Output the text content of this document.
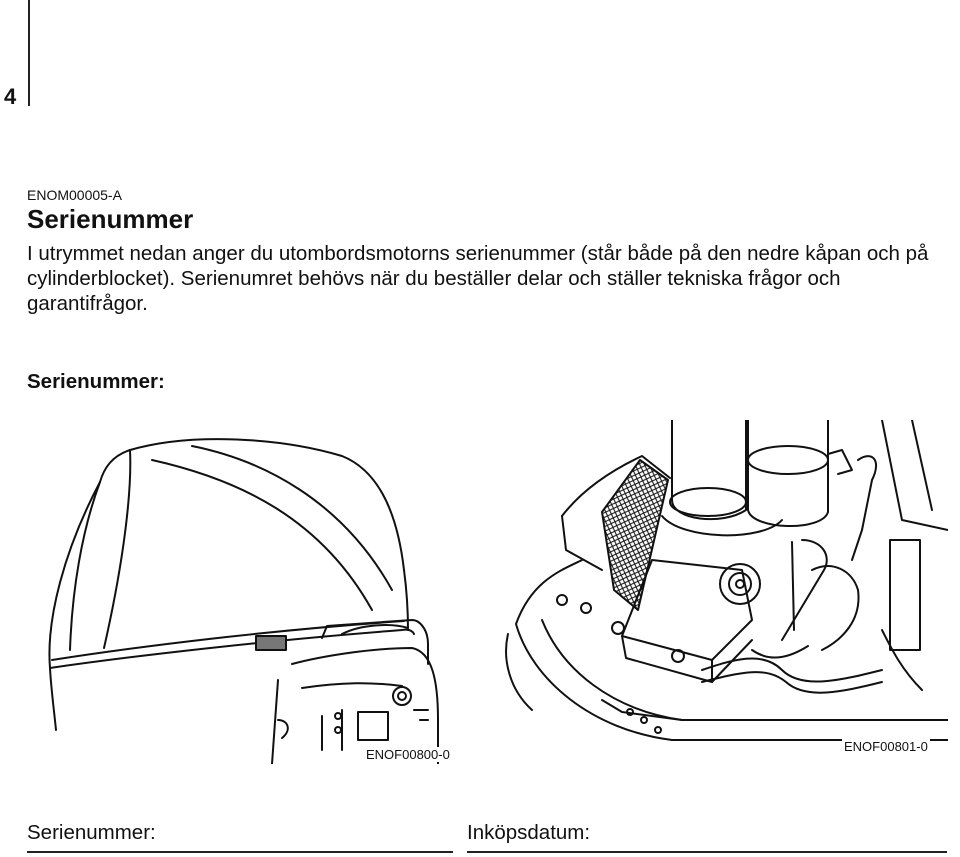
4
ENOM00005-A
Serienummer
I utrymmet nedan anger du utombordsmotorns serienummer (står både på den nedre kåpan och på cylinderblocket). Serienumret behövs när du beställer delar och ställer tekniska frågor och garantifrågor.
Serienummer:
ENOF00800-0
ENOF00801-0
Serienummer:	Inköpsdatum:
